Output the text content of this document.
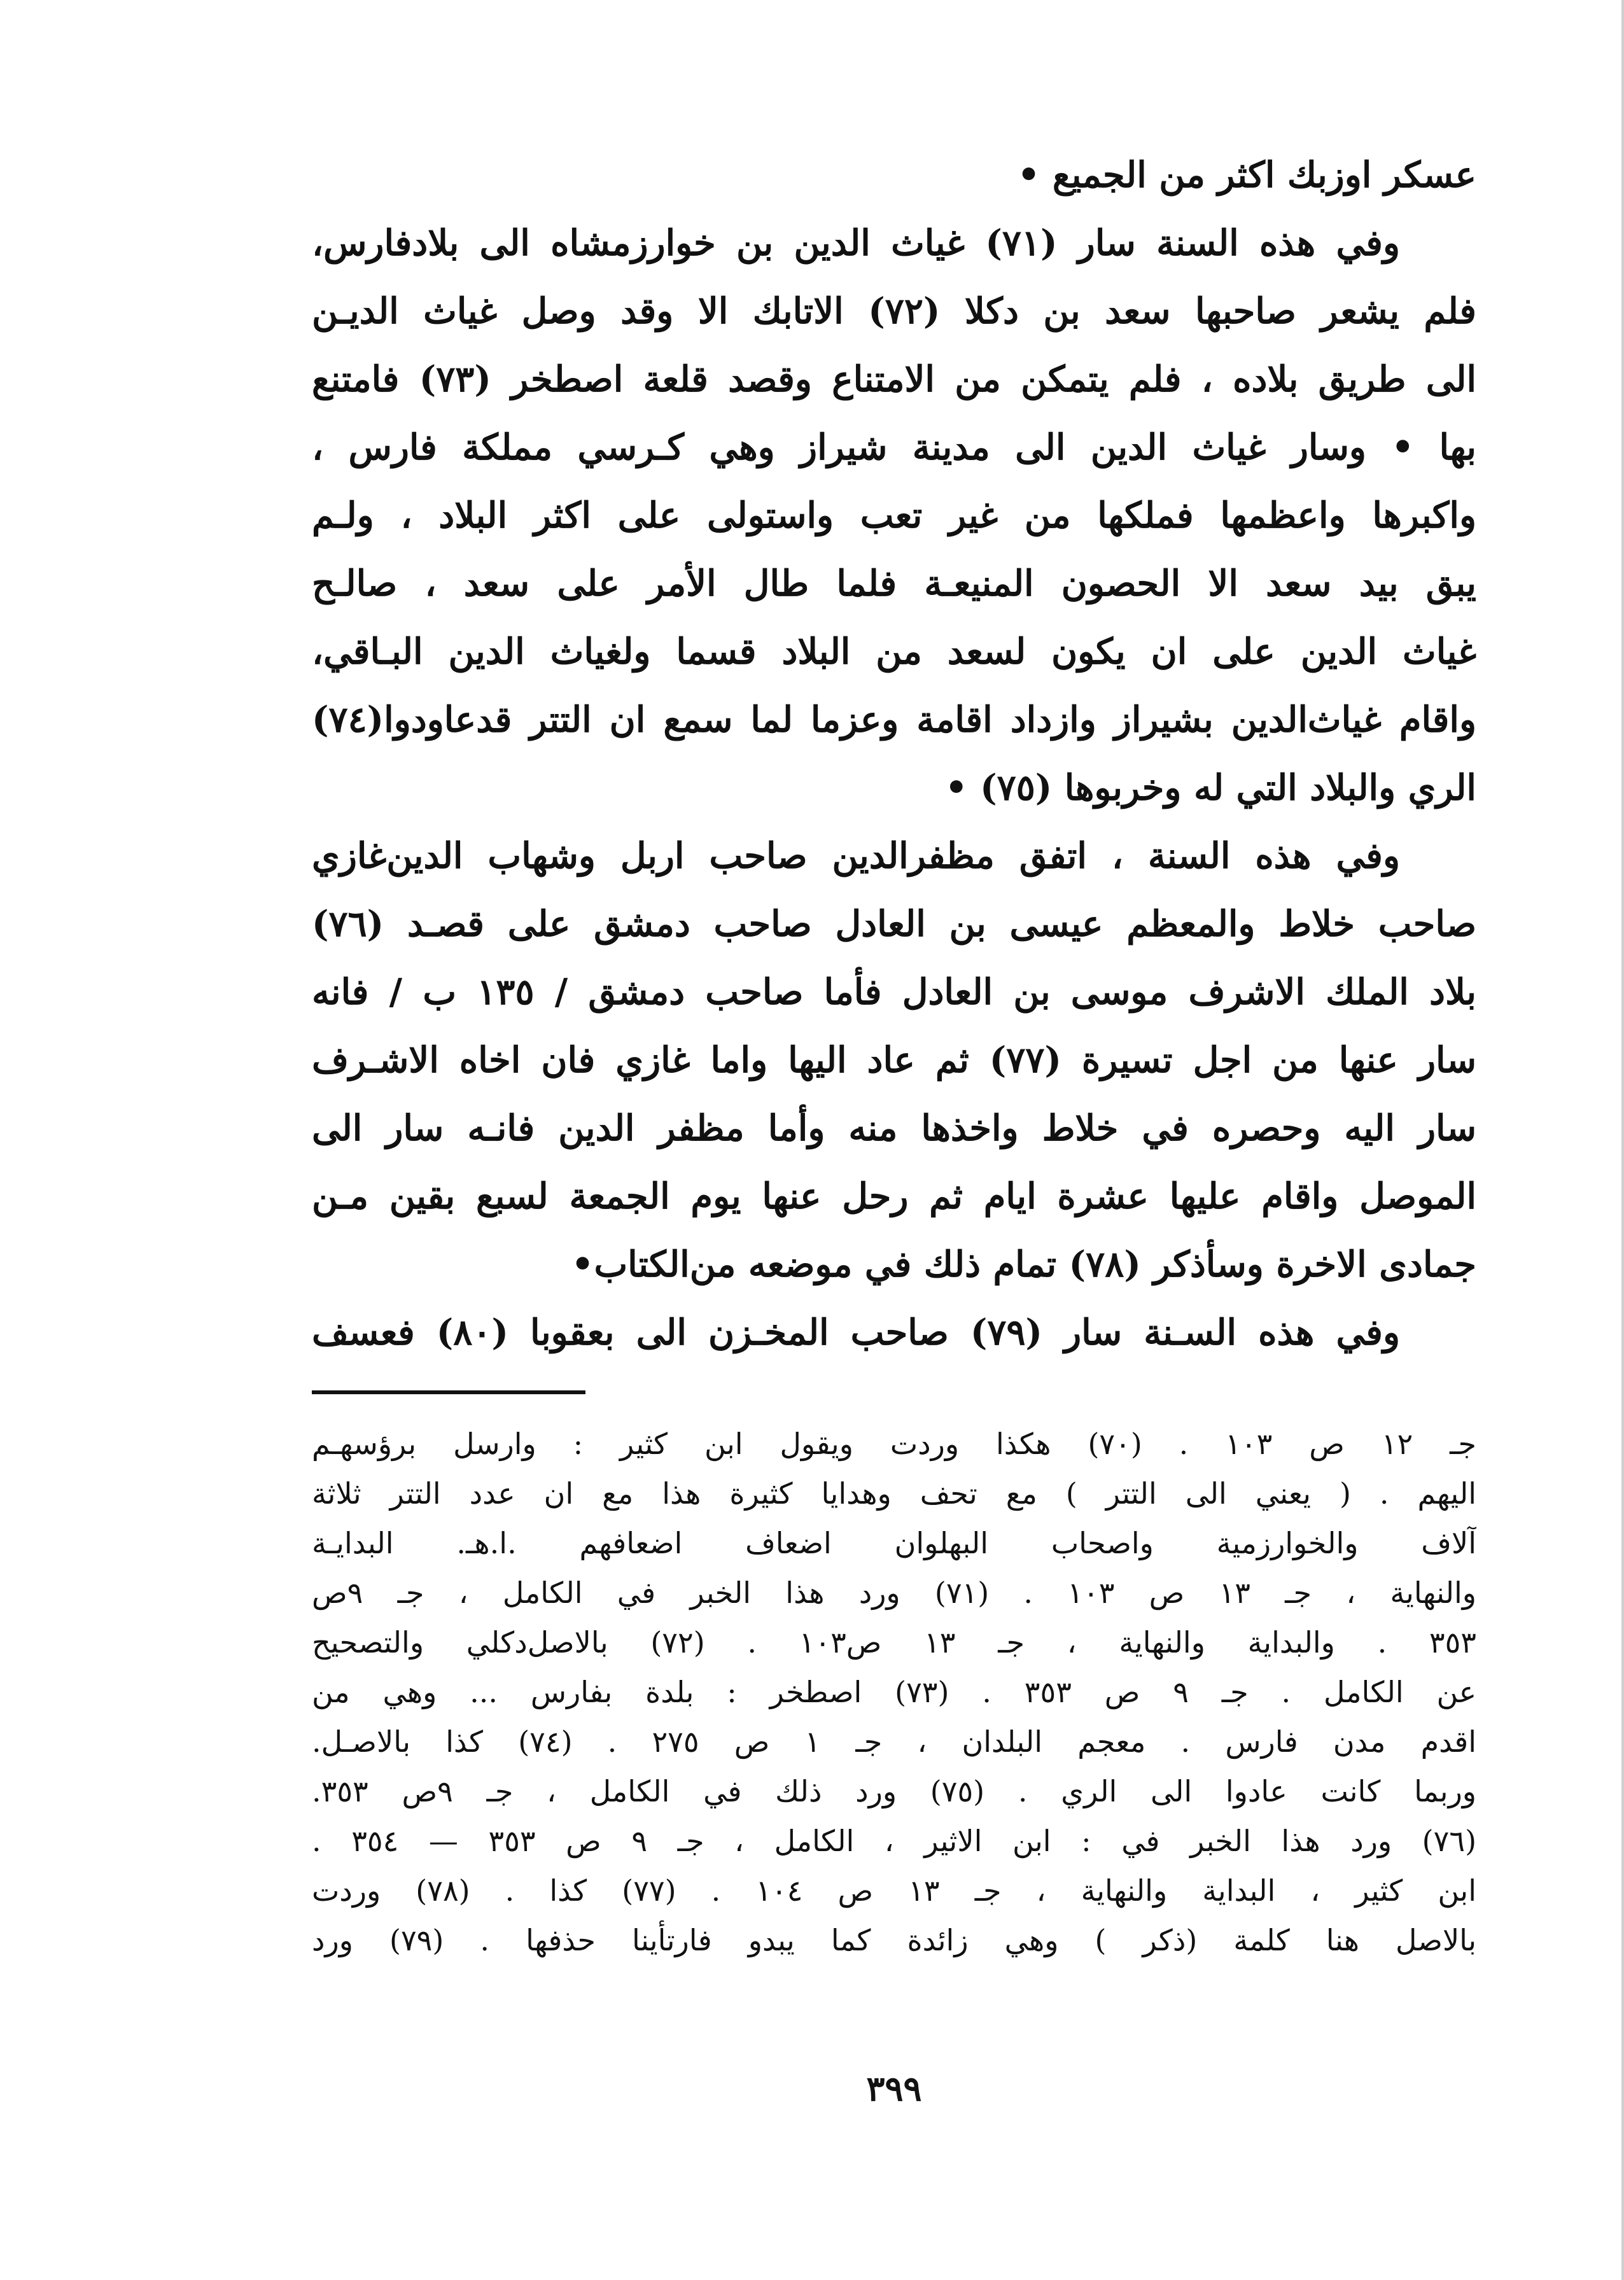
عسكر اوزبك اكثر من الجميع •
وفي هذه السنة سار (٧١) غياث الدين بن خوارزمشاه الى بلادفارس،
فلم يشعر صاحبها سعد بن دكلا (٧٢) الاتابك الا وقد وصل غياث الديـن
الى طريق بلاده ، فلم يتمكن من الامتناع وقصد قلعة اصطخر (٧٣) فامتنع
بها • وسار غياث الدين الى مدينة شيراز وهي كـرسي مملكة فارس ،
واكبرها واعظمها فملكها من غير تعب واستولى على اكثر البلاد ، ولـم
يبق بيد سعد الا الحصون المنيعـة فلما طال الأمر على سعد ، صالـح
غياث الدين على ان يكون لسعد من البلاد قسما ولغياث الدين البـاقي،
واقام غياث‌الدين بشيراز وازداد اقامة وعزما لما سمع ان التتر قدعاودوا(٧٤)
الري والبلاد التي له وخربوها (٧٥) •
وفي هذه السنة ، اتفق مظفرالدين صاحب اربل وشهاب الدين‌غازي
صاحب خلاط والمعظم عيسى بن العادل صاحب دمشق على قصـد (٧٦)
بلاد الملك الاشرف موسى بن العادل فأما صاحب دمشق / ١٣٥ ب / فانه
سار عنها من اجل تسيرة (٧٧) ثم عاد اليها واما غازي فان اخاه الاشـرف
سار اليه وحصره في خلاط واخذها منه وأما مظفر الدين فانـه سار الى
الموصل واقام عليها عشرة ايام ثم رحل عنها يوم الجمعة لسبع بقين مـن
جمادى الاخرة وسأذكر (٧٨) تمام ذلك في موضعه من‌الكتاب•
وفي هذه السـنة سار (٧٩) صاحب المخـزن الى بعقوبا (٨٠) فعسف
جـ ١٢ ص ١٠٣ . (٧٠) هكذا وردت ويقول ابن كثير : وارسل برؤسهـم
اليهم . ( يعني الى التتر ) مع تحف وهدايا كثيرة هذا مع ان عدد التتر ثلاثة
آلاف والخوارزمية واصحاب البهلوان اضعاف اضعافهم .ا.هـ. البدايـة
والنهاية ، جـ ١٣ ص ١٠٣ . (٧١) ورد هذا الخبر في الكامل ، جـ ٩ص
٣٥٣ . والبداية والنهاية ، جـ ١٣ ص١٠٣ . (٧٢) بالاصل‌دكلي والتصحيح
عن الكامل . جـ ٩ ص ٣٥٣ . (٧٣) اصطخر : بلدة بفارس ... وهي من
اقدم مدن فارس . معجم البلدان ، جـ ١ ص ٢٧٥ . (٧٤) كذا بالاصـل.
وربما كانت عادوا الى الري . (٧٥) ورد ذلك في الكامل ، جـ ٩ص ٣٥٣.
(٧٦) ورد هذا الخبر في : ابن الاثير ، الكامل ، جـ ٩ ص ٣٥٣ — ٣٥٤ .
ابن كثير ، البداية والنهاية ، جـ ١٣ ص ١٠٤ . (٧٧) كذا . (٧٨) وردت
بالاصل هنا كلمة (ذكر ) وهي زائدة كما يبدو فارتأينا حذفها . (٧٩) ورد
٣٩٩
